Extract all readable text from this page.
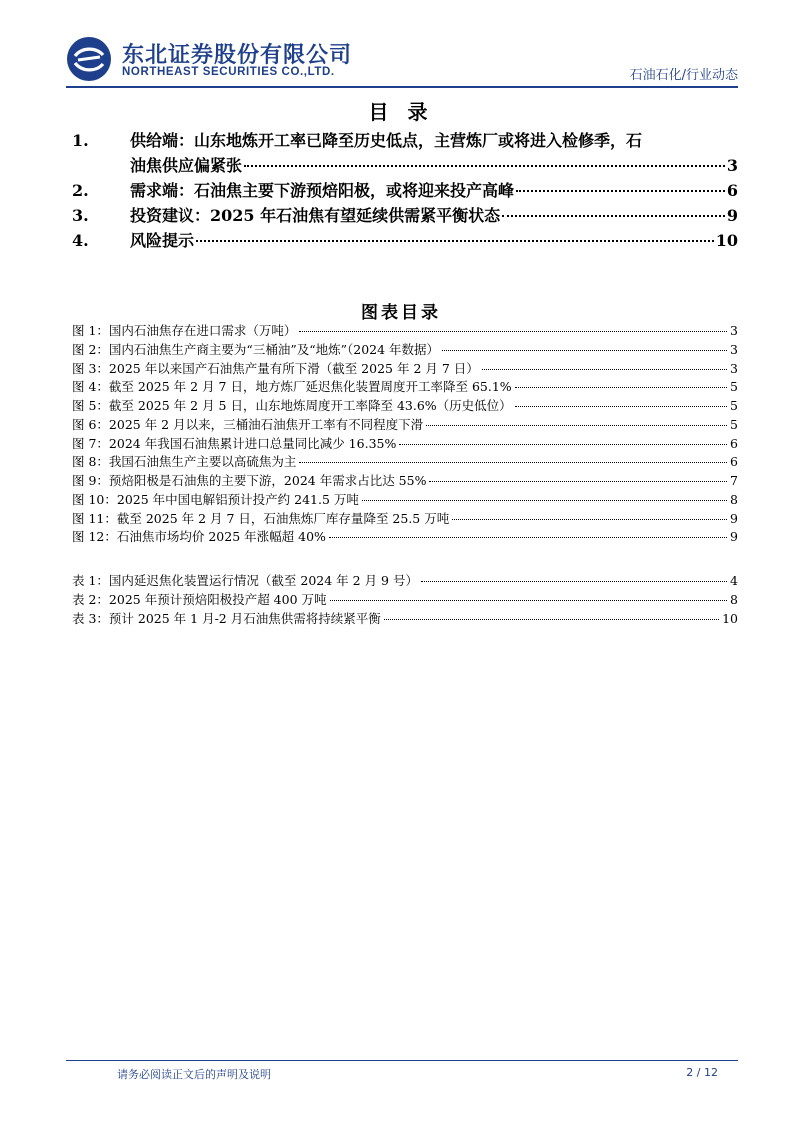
东北证券股份有限公司
NORTHEAST SECURITIES CO.,LTD.	石油石化/行业动态
目 录
1.	供给端：山东地炼开工率已降至历史低点，主营炼厂或将进入检修季，石
油焦供应偏紧张	3
2.	需求端：石油焦主要下游预焙阳极，或将迎来投产高峰	6
3.	投资建议：2025 年石油焦有望延续供需紧平衡状态	9
4.	风险提示	10
图表目录
图 1：国内石油焦存在进口需求（万吨）	3
图 2：国内石油焦生产商主要为“三桶油”及“地炼”（2024 年数据）	3
图 3：2025 年以来国产石油焦产量有所下滑（截至 2025 年 2 月 7 日）	3
图 4：截至 2025 年 2 月 7 日，地方炼厂延迟焦化装置周度开工率降至 65.1%	5
图 5：截至 2025 年 2 月 5 日，山东地炼周度开工率降至 43.6%（历史低位）	5
图 6：2025 年 2 月以来，三桶油石油焦开工率有不同程度下滑	5
图 7：2024 年我国石油焦累计进口总量同比减少 16.35%	6
图 8：我国石油焦生产主要以高硫焦为主	6
图 9：预焙阳极是石油焦的主要下游，2024 年需求占比达 55%	7
图 10：2025 年中国电解铝预计投产约 241.5 万吨	8
图 11：截至 2025 年 2 月 7 日，石油焦炼厂库存量降至 25.5 万吨	9
图 12：石油焦市场均价 2025 年涨幅超 40%	9
表 1：国内延迟焦化装置运行情况（截至 2024 年 2 月 9 号）	4
表 2：2025 年预计预焙阳极投产超 400 万吨	8
表 3：预计 2025 年 1 月-2 月石油焦供需将持续紧平衡	10
请务必阅读正文后的声明及说明	2 / 12
